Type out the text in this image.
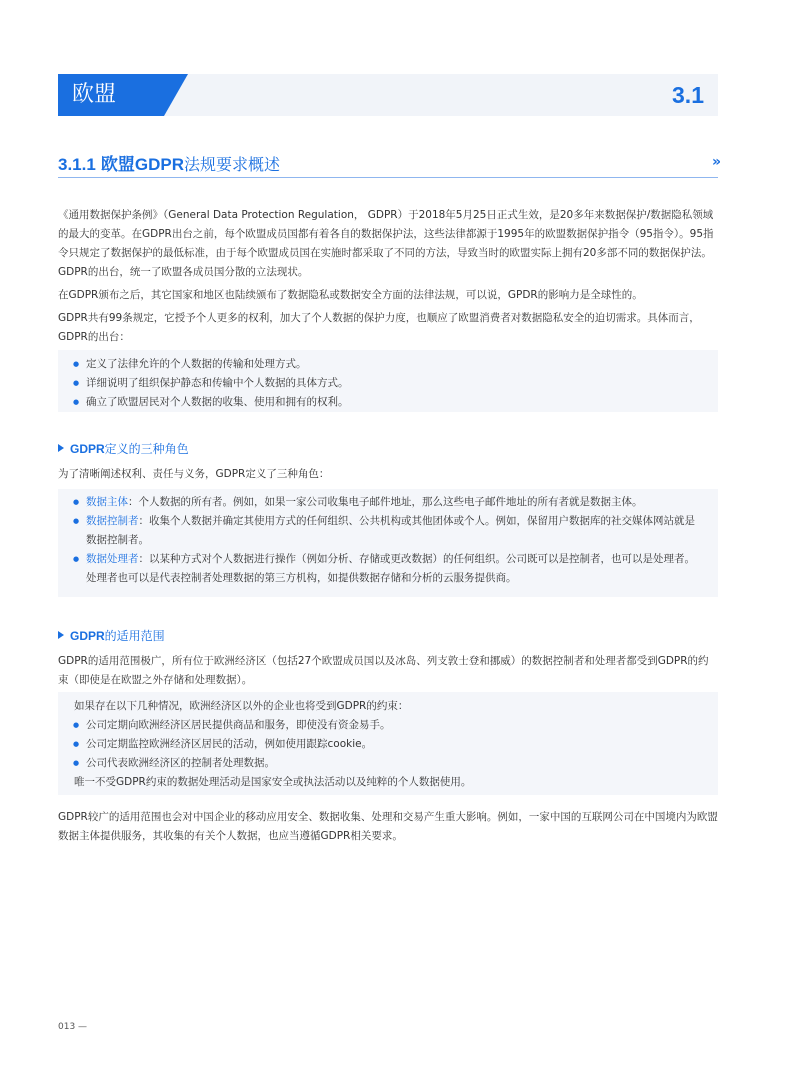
欧盟	3.1
3.1.1 欧盟GDPR法规要求概述	»
《通用数据保护条例》（General Data Protection Regulation， GDPR）于2018年5月25日正式生效，是20多年来数据保护/数据隐私领域的最大的变革。在GDPR出台之前，每个欧盟成员国都有着各自的数据保护法，这些法律都源于1995年的欧盟数据保护指令（95指令）。95指令只规定了数据保护的最低标准，由于每个欧盟成员国在实施时都采取了不同的方法，导致当时的欧盟实际上拥有20多部不同的数据保护法。GDPR的出台，统一了欧盟各成员国分散的立法现状。
在GDPR颁布之后，其它国家和地区也陆续颁布了数据隐私或数据安全方面的法律法规，可以说，GPDR的影响力是全球性的。
GDPR共有99条规定，它授予个人更多的权利，加大了个人数据的保护力度，也顺应了欧盟消费者对数据隐私安全的迫切需求。具体而言，GDPR的出台：
● 定义了法律允许的个人数据的传输和处理方式。
● 详细说明了组织保护静态和传输中个人数据的具体方式。
● 确立了欧盟居民对个人数据的收集、使用和拥有的权利。
GDPR定义的三种角色
为了清晰阐述权利、责任与义务，GDPR定义了三种角色：
● 数据主体：个人数据的所有者。例如，如果一家公司收集电子邮件地址，那么这些电子邮件地址的所有者就是数据主体。
● 数据控制者：收集个人数据并确定其使用方式的任何组织、公共机构或其他团体或个人。例如，保留用户数据库的社交媒体网站就是数据控制者。
● 数据处理者：以某种方式对个人数据进行操作（例如分析、存储或更改数据）的任何组织。公司既可以是控制者，也可以是处理者。处理者也可以是代表控制者处理数据的第三方机构，如提供数据存储和分析的云服务提供商。
GDPR的适用范围
GDPR的适用范围极广，所有位于欧洲经济区（包括27个欧盟成员国以及冰岛、列支敦士登和挪威）的数据控制者和处理者都受到GDPR的约束（即使是在欧盟之外存储和处理数据）。
如果存在以下几种情况，欧洲经济区以外的企业也将受到GDPR的约束：
● 公司定期向欧洲经济区居民提供商品和服务，即使没有资金易手。
● 公司定期监控欧洲经济区居民的活动，例如使用跟踪cookie。
● 公司代表欧洲经济区的控制者处理数据。
唯一不受GDPR约束的数据处理活动是国家安全或执法活动以及纯粹的个人数据使用。
GDPR较广的适用范围也会对中国企业的移动应用安全、数据收集、处理和交易产生重大影响。例如，一家中国的互联网公司在中国境内为欧盟数据主体提供服务，其收集的有关个人数据，也应当遵循GDPR相关要求。
013 —
